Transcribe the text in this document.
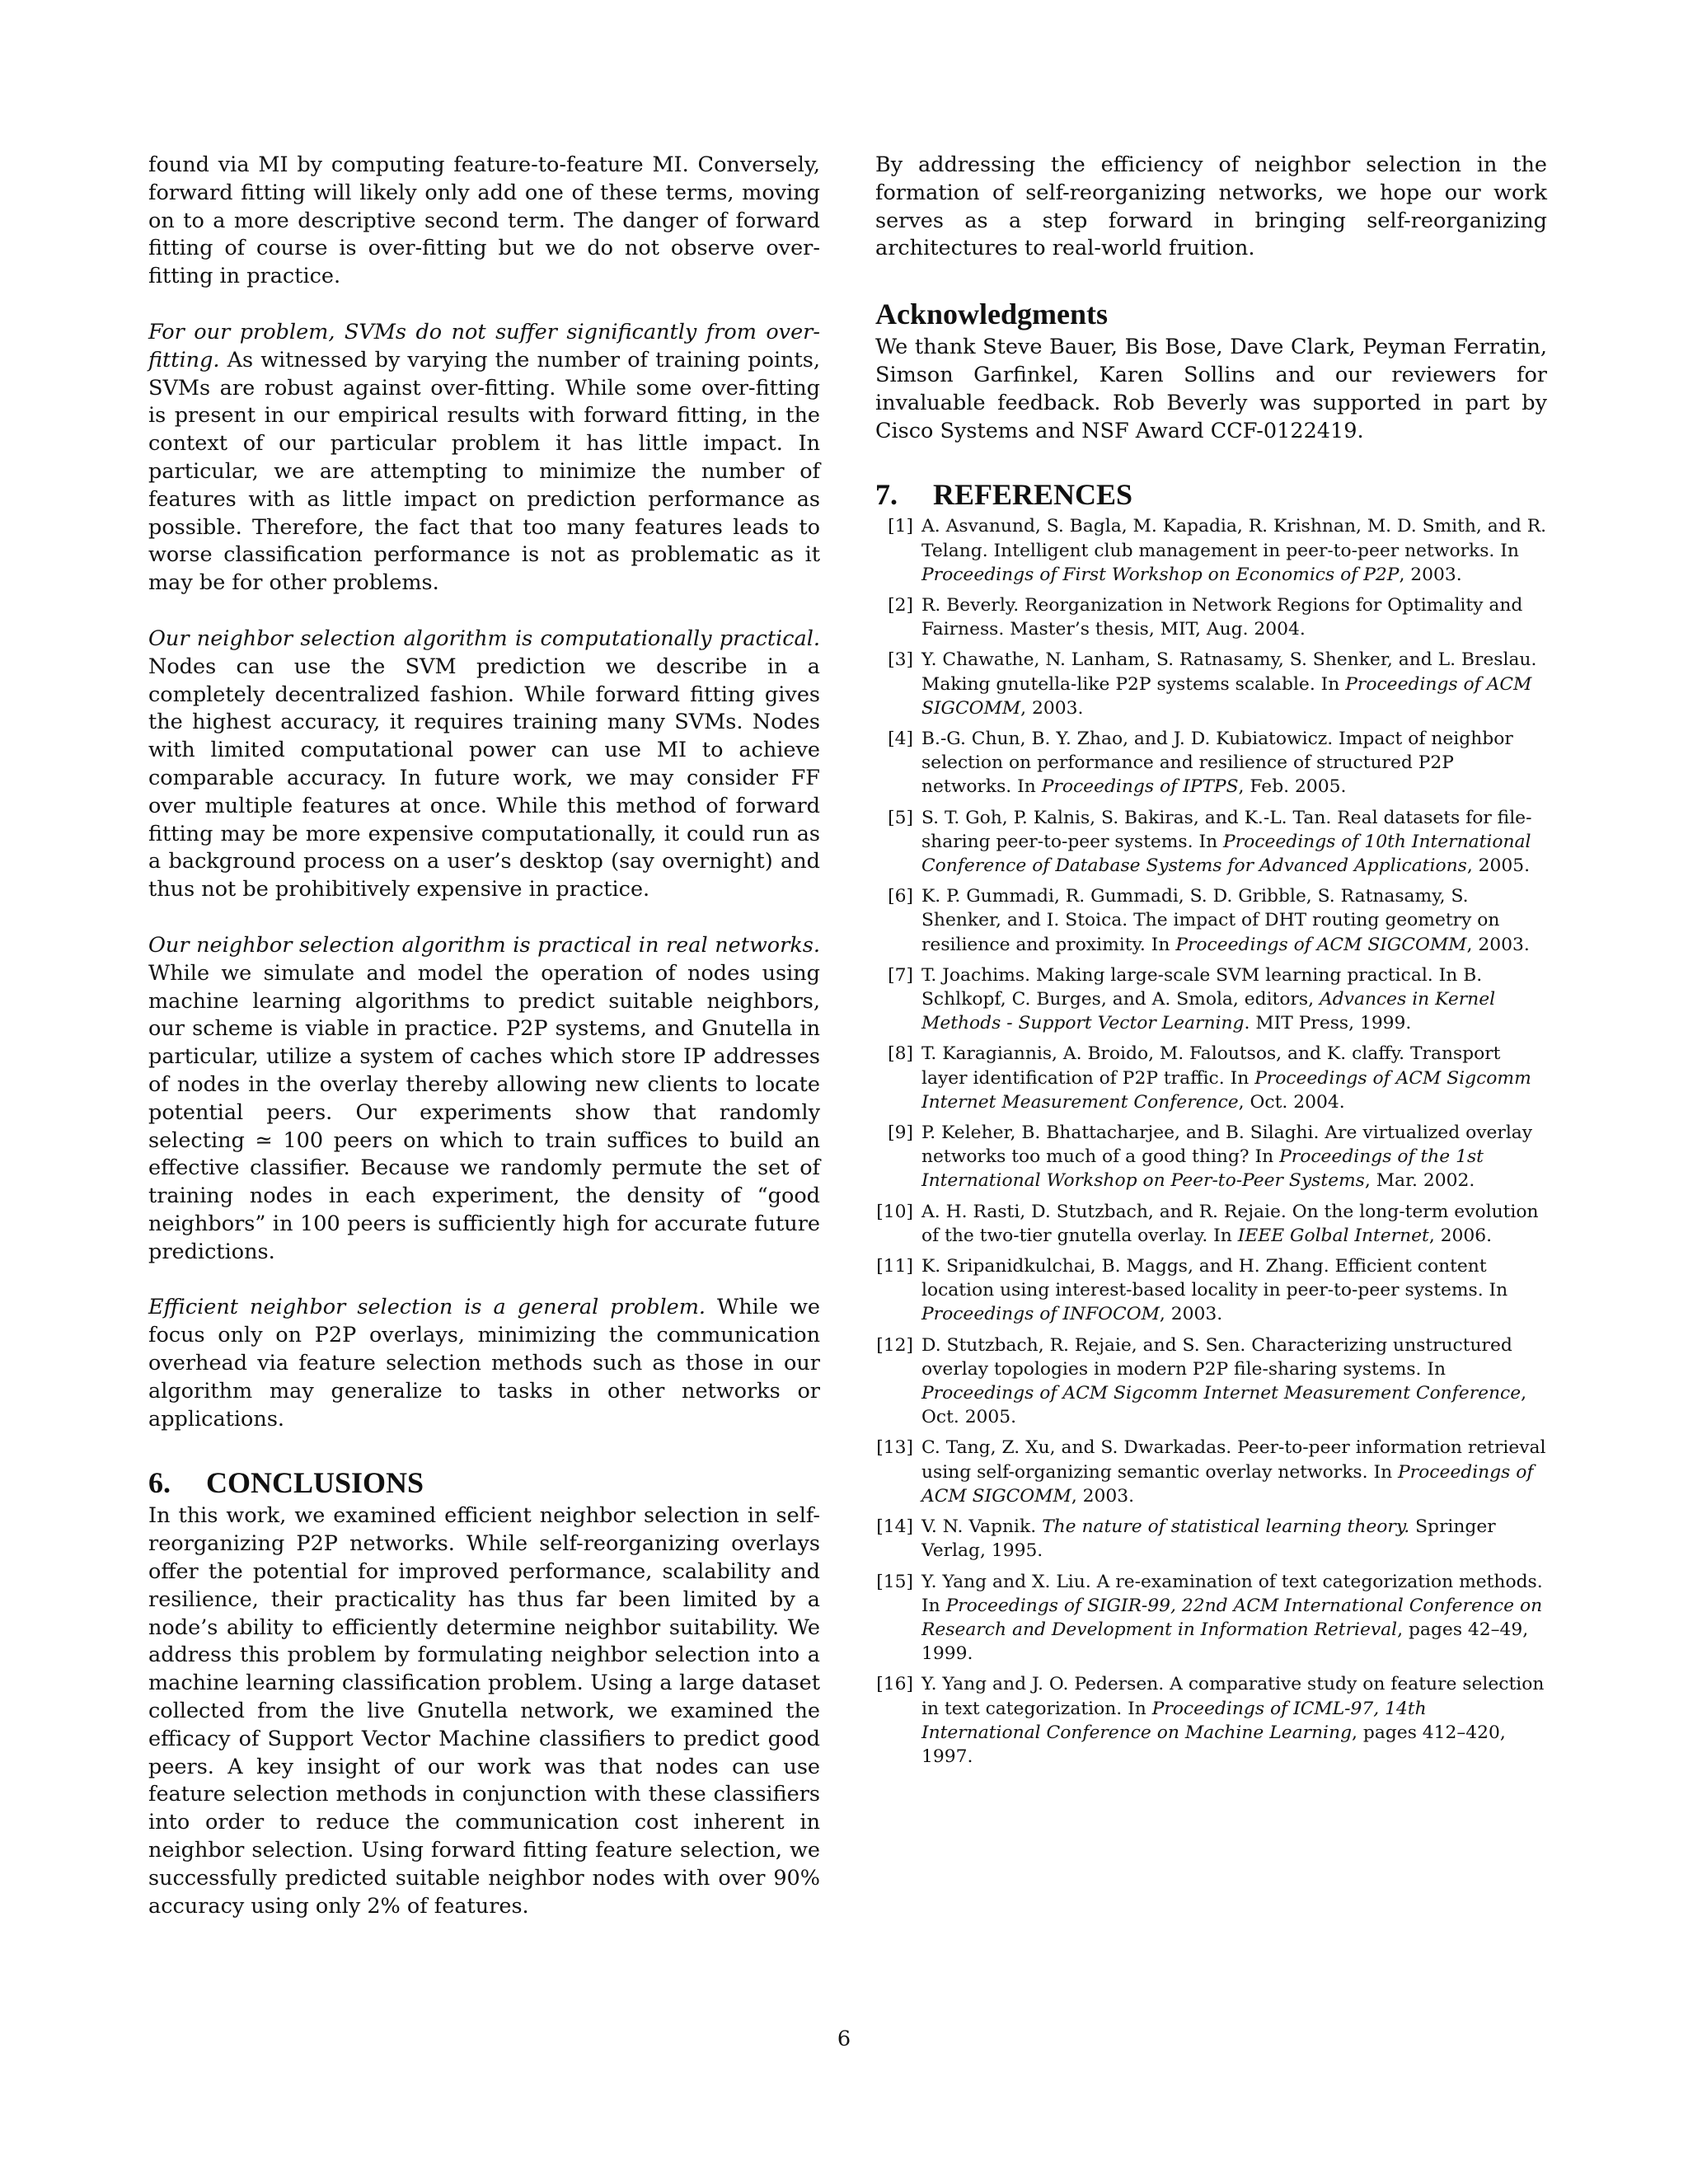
found via MI by computing feature-to-feature MI. Conversely, forward fitting will likely only add one of these terms, moving on to a more descriptive second term. The danger of forward fitting of course is over-fitting but we do not observe over-fitting in practice.

For our problem, SVMs do not suffer significantly from over-fitting. As witnessed by varying the number of training points, SVMs are robust against over-fitting. While some over-fitting is present in our empirical results with forward fitting, in the context of our particular problem it has little impact. In particular, we are attempting to minimize the number of features with as little impact on prediction performance as possible. Therefore, the fact that too many features leads to worse classification performance is not as problematic as it may be for other problems.

Our neighbor selection algorithm is computationally practical. Nodes can use the SVM prediction we describe in a completely decentralized fashion. While forward fitting gives the highest accuracy, it requires training many SVMs. Nodes with limited computational power can use MI to achieve comparable accuracy. In future work, we may consider FF over multiple features at once. While this method of forward fitting may be more expensive computationally, it could run as a background process on a user’s desktop (say overnight) and thus not be prohibitively expensive in practice.

Our neighbor selection algorithm is practical in real networks. While we simulate and model the operation of nodes using machine learning algorithms to predict suitable neighbors, our scheme is viable in practice. P2P systems, and Gnutella in particular, utilize a system of caches which store IP addresses of nodes in the overlay thereby allowing new clients to locate potential peers. Our experiments show that randomly selecting ≃ 100 peers on which to train suffices to build an effective classifier. Because we randomly permute the set of training nodes in each experiment, the density of “good neighbors” in 100 peers is sufficiently high for accurate future predictions.

Efficient neighbor selection is a general problem. While we focus only on P2P overlays, minimizing the communication overhead via feature selection methods such as those in our algorithm may generalize to tasks in other networks or applications.

6. CONCLUSIONS

In this work, we examined efficient neighbor selection in self-reorganizing P2P networks. While self-reorganizing overlays offer the potential for improved performance, scalability and resilience, their practicality has thus far been limited by a node’s ability to efficiently determine neighbor suitability. We address this problem by formulating neighbor selection into a machine learning classification problem. Using a large dataset collected from the live Gnutella network, we examined the efficacy of Support Vector Machine classifiers to predict good peers. A key insight of our work was that nodes can use feature selection methods in conjunction with these classifiers into order to reduce the communication cost inherent in neighbor selection. Using forward fitting feature selection, we successfully predicted suitable neighbor nodes with over 90% accuracy using only 2% of features.

By addressing the efficiency of neighbor selection in the formation of self-reorganizing networks, we hope our work serves as a step forward in bringing self-reorganizing architectures to real-world fruition.

Acknowledgments

We thank Steve Bauer, Bis Bose, Dave Clark, Peyman Ferratin, Simson Garfinkel, Karen Sollins and our reviewers for invaluable feedback. Rob Beverly was supported in part by Cisco Systems and NSF Award CCF-0122419.

7. REFERENCES
[1] A. Asvanund, S. Bagla, M. Kapadia, R. Krishnan, M. D. Smith, and R. Telang. Intelligent club management in peer-to-peer networks. In Proceedings of First Workshop on Economics of P2P, 2003.
[2] R. Beverly. Reorganization in Network Regions for Optimality and Fairness. Master’s thesis, MIT, Aug. 2004.
[3] Y. Chawathe, N. Lanham, S. Ratnasamy, S. Shenker, and L. Breslau. Making gnutella-like P2P systems scalable. In Proceedings of ACM SIGCOMM, 2003.
[4] B.-G. Chun, B. Y. Zhao, and J. D. Kubiatowicz. Impact of neighbor selection on performance and resilience of structured P2P networks. In Proceedings of IPTPS, Feb. 2005.
[5] S. T. Goh, P. Kalnis, S. Bakiras, and K.-L. Tan. Real datasets for file-sharing peer-to-peer systems. In Proceedings of 10th International Conference of Database Systems for Advanced Applications, 2005.
[6] K. P. Gummadi, R. Gummadi, S. D. Gribble, S. Ratnasamy, S. Shenker, and I. Stoica. The impact of DHT routing geometry on resilience and proximity. In Proceedings of ACM SIGCOMM, 2003.
[7] T. Joachims. Making large-scale SVM learning practical. In B. Schlkopf, C. Burges, and A. Smola, editors, Advances in Kernel Methods - Support Vector Learning. MIT Press, 1999.
[8] T. Karagiannis, A. Broido, M. Faloutsos, and K. claffy. Transport layer identification of P2P traffic. In Proceedings of ACM Sigcomm Internet Measurement Conference, Oct. 2004.
[9] P. Keleher, B. Bhattacharjee, and B. Silaghi. Are virtualized overlay networks too much of a good thing? In Proceedings of the 1st International Workshop on Peer-to-Peer Systems, Mar. 2002.
[10] A. H. Rasti, D. Stutzbach, and R. Rejaie. On the long-term evolution of the two-tier gnutella overlay. In IEEE Golbal Internet, 2006.
[11] K. Sripanidkulchai, B. Maggs, and H. Zhang. Efficient content location using interest-based locality in peer-to-peer systems. In Proceedings of INFOCOM, 2003.
[12] D. Stutzbach, R. Rejaie, and S. Sen. Characterizing unstructured overlay topologies in modern P2P file-sharing systems. In Proceedings of ACM Sigcomm Internet Measurement Conference, Oct. 2005.
[13] C. Tang, Z. Xu, and S. Dwarkadas. Peer-to-peer information retrieval using self-organizing semantic overlay networks. In Proceedings of ACM SIGCOMM, 2003.
[14] V. N. Vapnik. The nature of statistical learning theory. Springer Verlag, 1995.
[15] Y. Yang and X. Liu. A re-examination of text categorization methods. In Proceedings of SIGIR-99, 22nd ACM International Conference on Research and Development in Information Retrieval, pages 42–49, 1999.
[16] Y. Yang and J. O. Pedersen. A comparative study on feature selection in text categorization. In Proceedings of ICML-97, 14th International Conference on Machine Learning, pages 412–420, 1997.
6
